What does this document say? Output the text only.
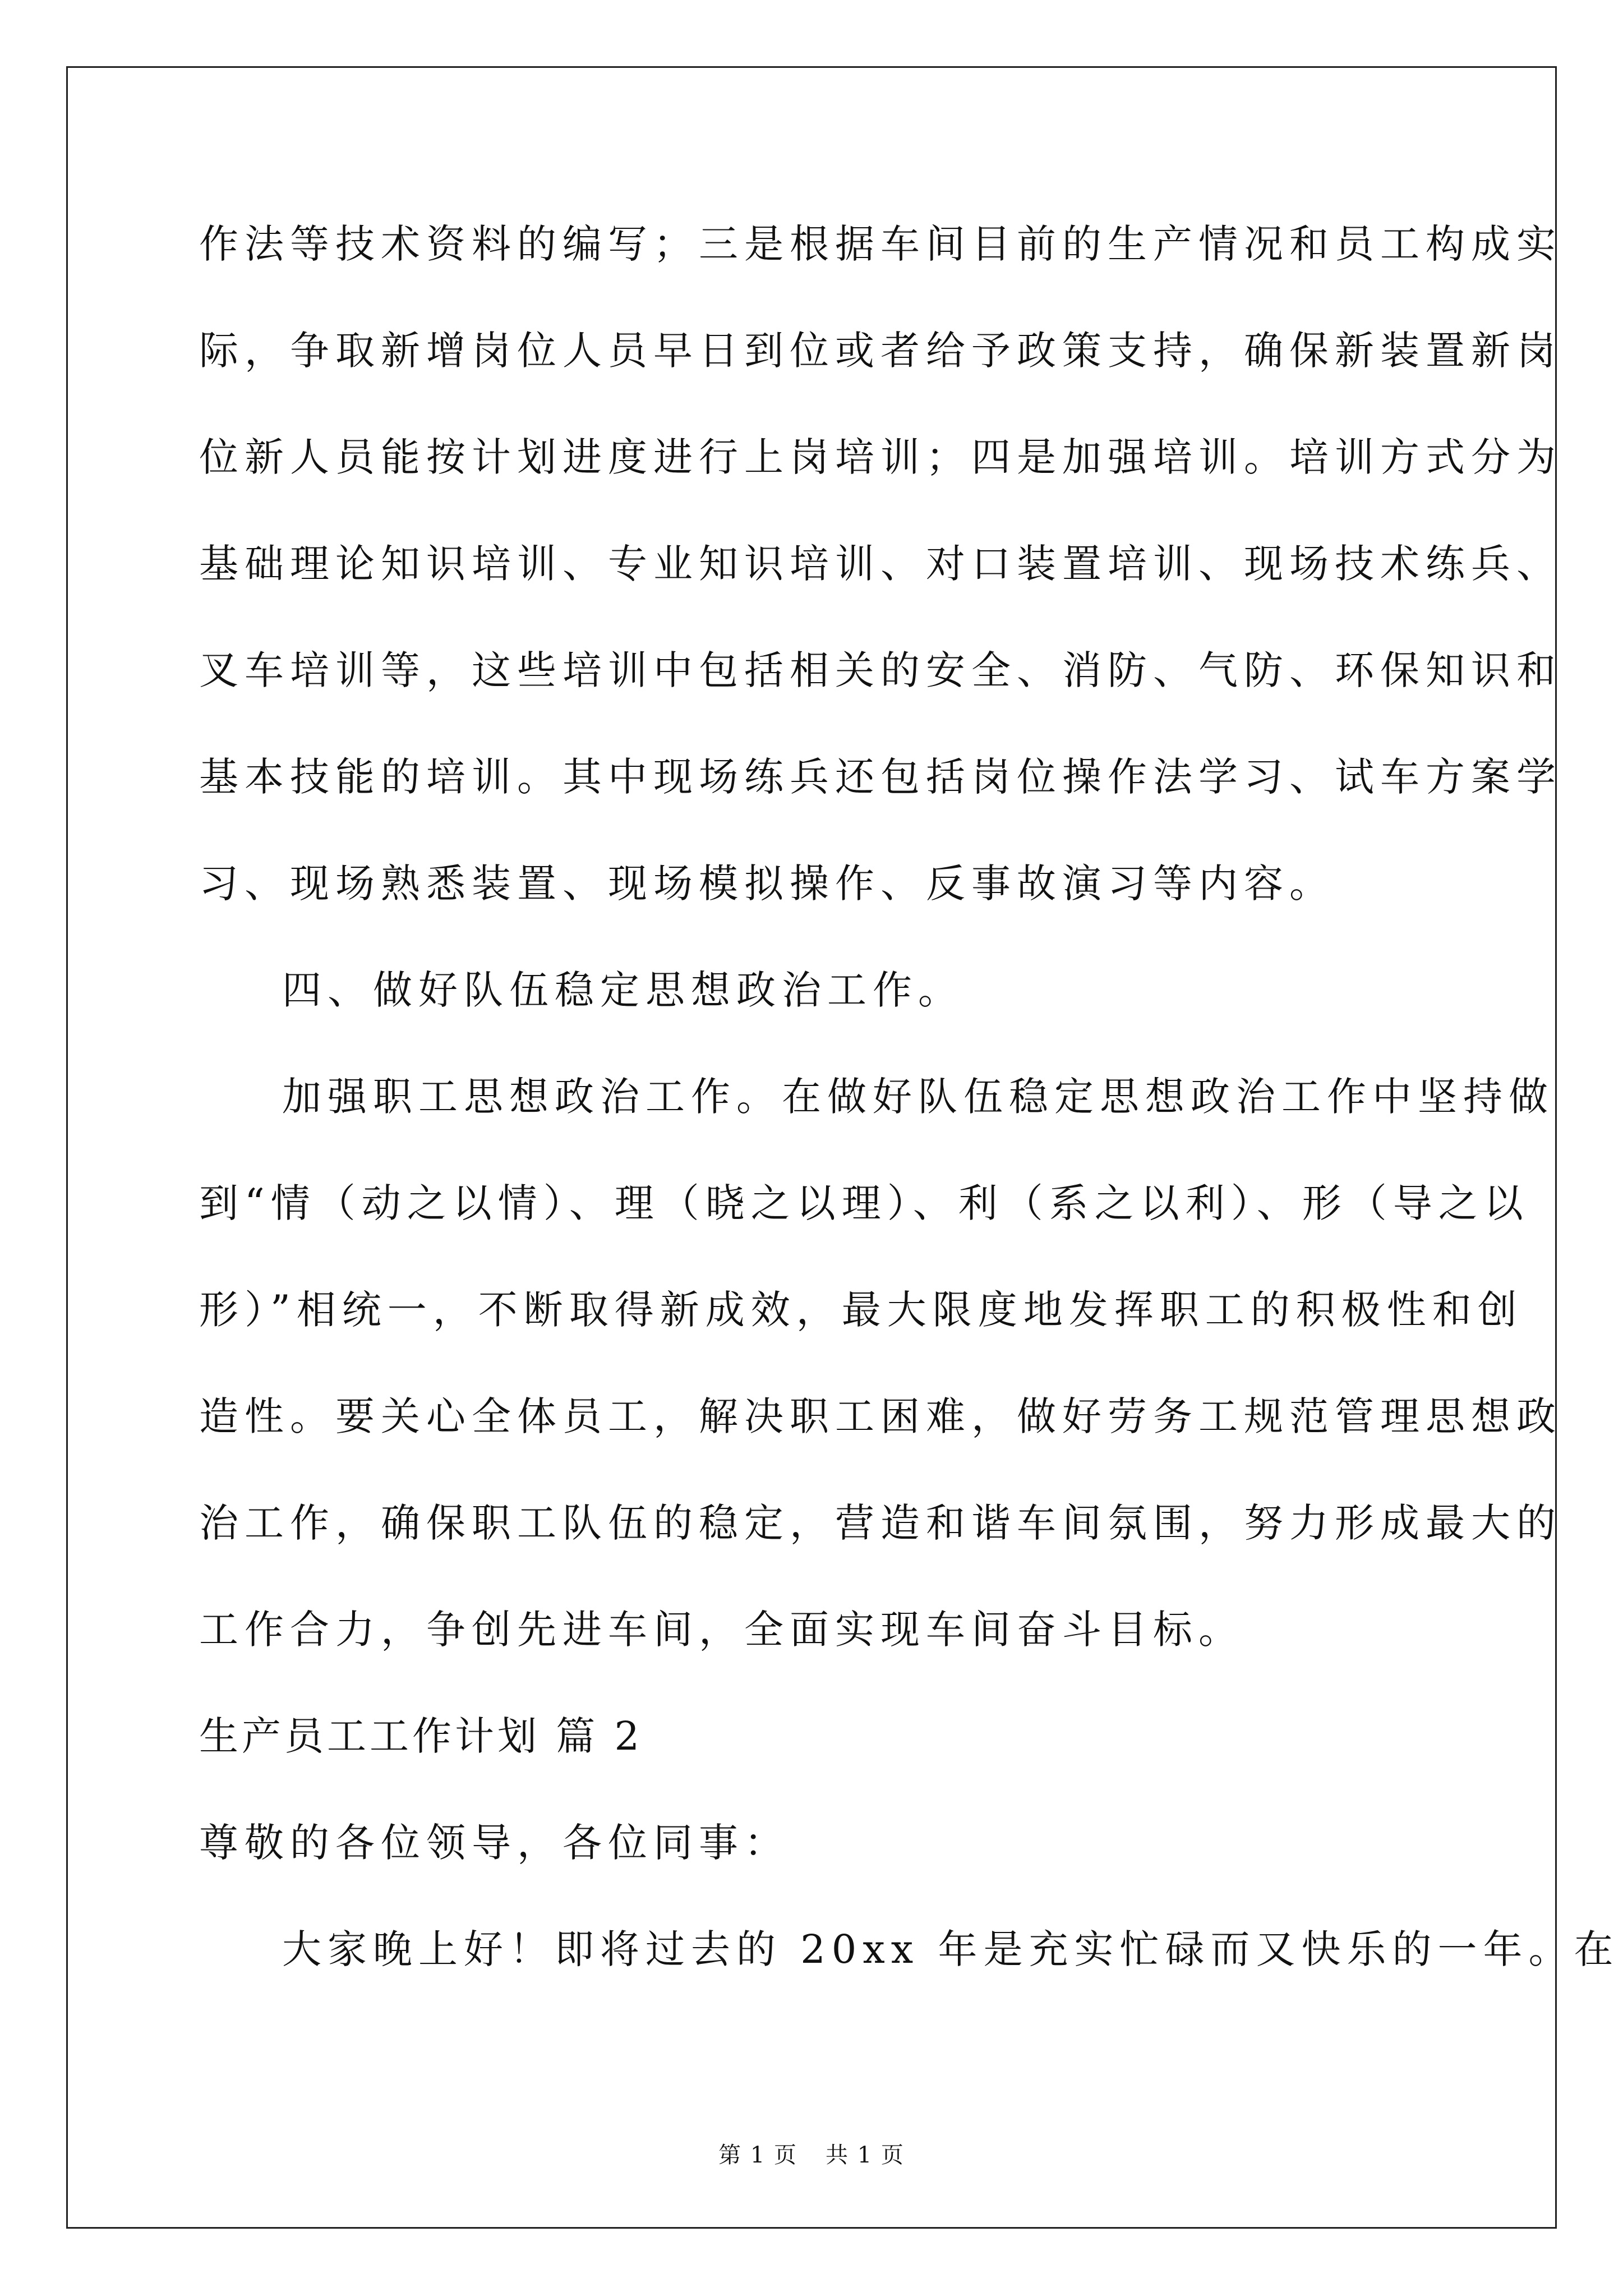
作法等技术资料的编写；三是根据车间目前的生产情况和员工构成实
际，争取新增岗位人员早日到位或者给予政策支持，确保新装置新岗
位新人员能按计划进度进行上岗培训；四是加强培训。培训方式分为
基础理论知识培训、专业知识培训、对口装置培训、现场技术练兵、
叉车培训等，这些培训中包括相关的安全、消防、气防、环保知识和
基本技能的培训。其中现场练兵还包括岗位操作法学习、试车方案学
习、现场熟悉装置、现场模拟操作、反事故演习等内容。
四、做好队伍稳定思想政治工作。
加强职工思想政治工作。在做好队伍稳定思想政治工作中坚持做
到“情（动之以情）、理（晓之以理）、利（系之以利）、形（导之以
形）”相统一，不断取得新成效，最大限度地发挥职工的积极性和创
造性。要关心全体员工，解决职工困难，做好劳务工规范管理思想政
治工作，确保职工队伍的稳定，营造和谐车间氛围，努力形成最大的
工作合力，争创先进车间，全面实现车间奋斗目标。
生产员工工作计划 篇 2
尊敬的各位领导，各位同事：
大家晚上好！即将过去的 20xx 年是充实忙碌而又快乐的一年。在
第 1 页 共 1 页
